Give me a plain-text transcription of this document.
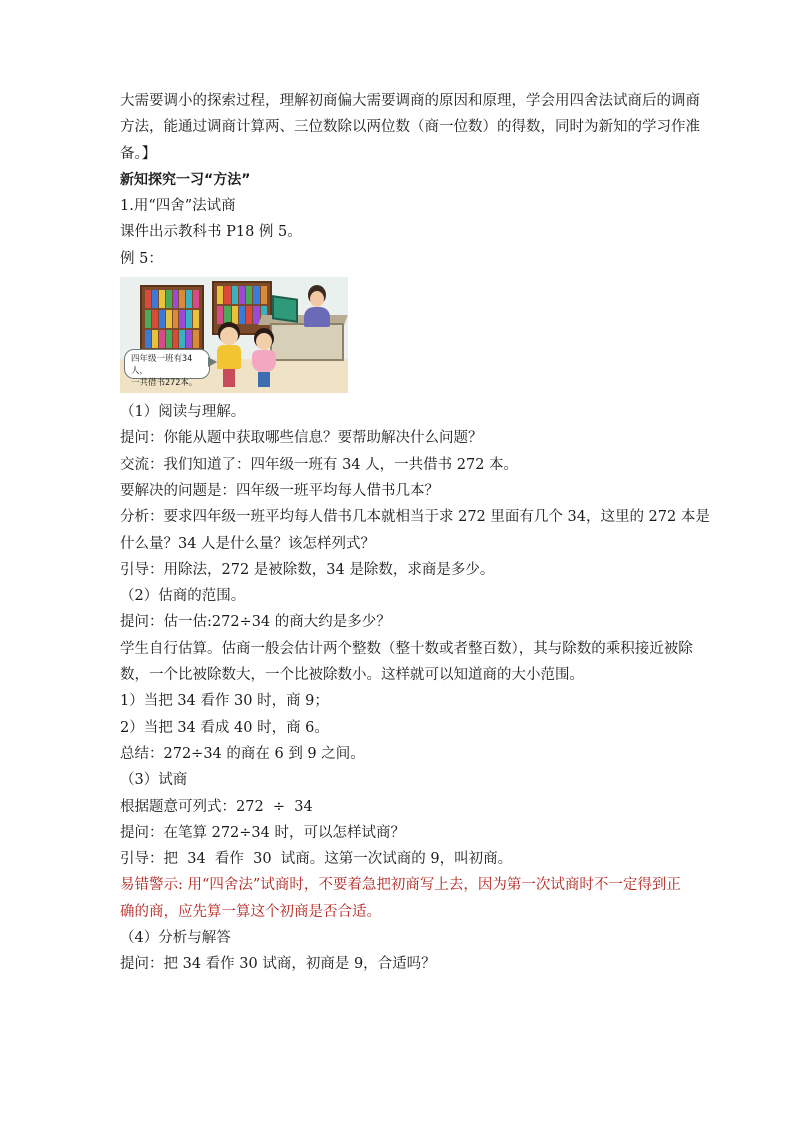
大需要调小的探索过程，理解初商偏大需要调商的原因和原理，学会用四舍法试商后的调商
方法，能通过调商计算两、三位数除以两位数（商一位数）的得数，同时为新知的学习作准
备。】
新知探究一习“方法”
1.用“四舍”法试商
课件出示教科书 P18 例 5。
例 5：
四年级一班有34人，
一共借书272本。
（1）阅读与理解。
提问：你能从题中获取哪些信息？要帮助解决什么问题？
交流：我们知道了：四年级一班有 34 人，一共借书 272 本。
要解决的问题是：四年级一班平均每人借书几本？
分析：要求四年级一班平均每人借书几本就相当于求 272 里面有几个 34，这里的 272 本是
什么量？34 人是什么量？该怎样列式？
引导：用除法，272 是被除数，34 是除数，求商是多少。
（2）估商的范围。
提问：估一估:272÷34 的商大约是多少？
学生自行估算。估商一般会估计两个整数（整十数或者整百数），其与除数的乘积接近被除
数，一个比被除数大，一个比被除数小。这样就可以知道商的大小范围。
1）当把 34 看作 30 时，商 9；
2）当把 34 看成 40 时，商 6。
总结：272÷34 的商在 6 到 9 之间。
（3）试商
根据题意可列式：272  ÷  34
提问：在笔算 272÷34 时，可以怎样试商？
引导：把  34  看作  30  试商。这第一次试商的 9，叫初商。
易错警示: 用“四舍法”试商时，不要着急把初商写上去，因为第一次试商时不一定得到正
确的商，应先算一算这个初商是否合适。
（4）分析与解答
提问：把 34 看作 30 试商，初商是 9，合适吗？
